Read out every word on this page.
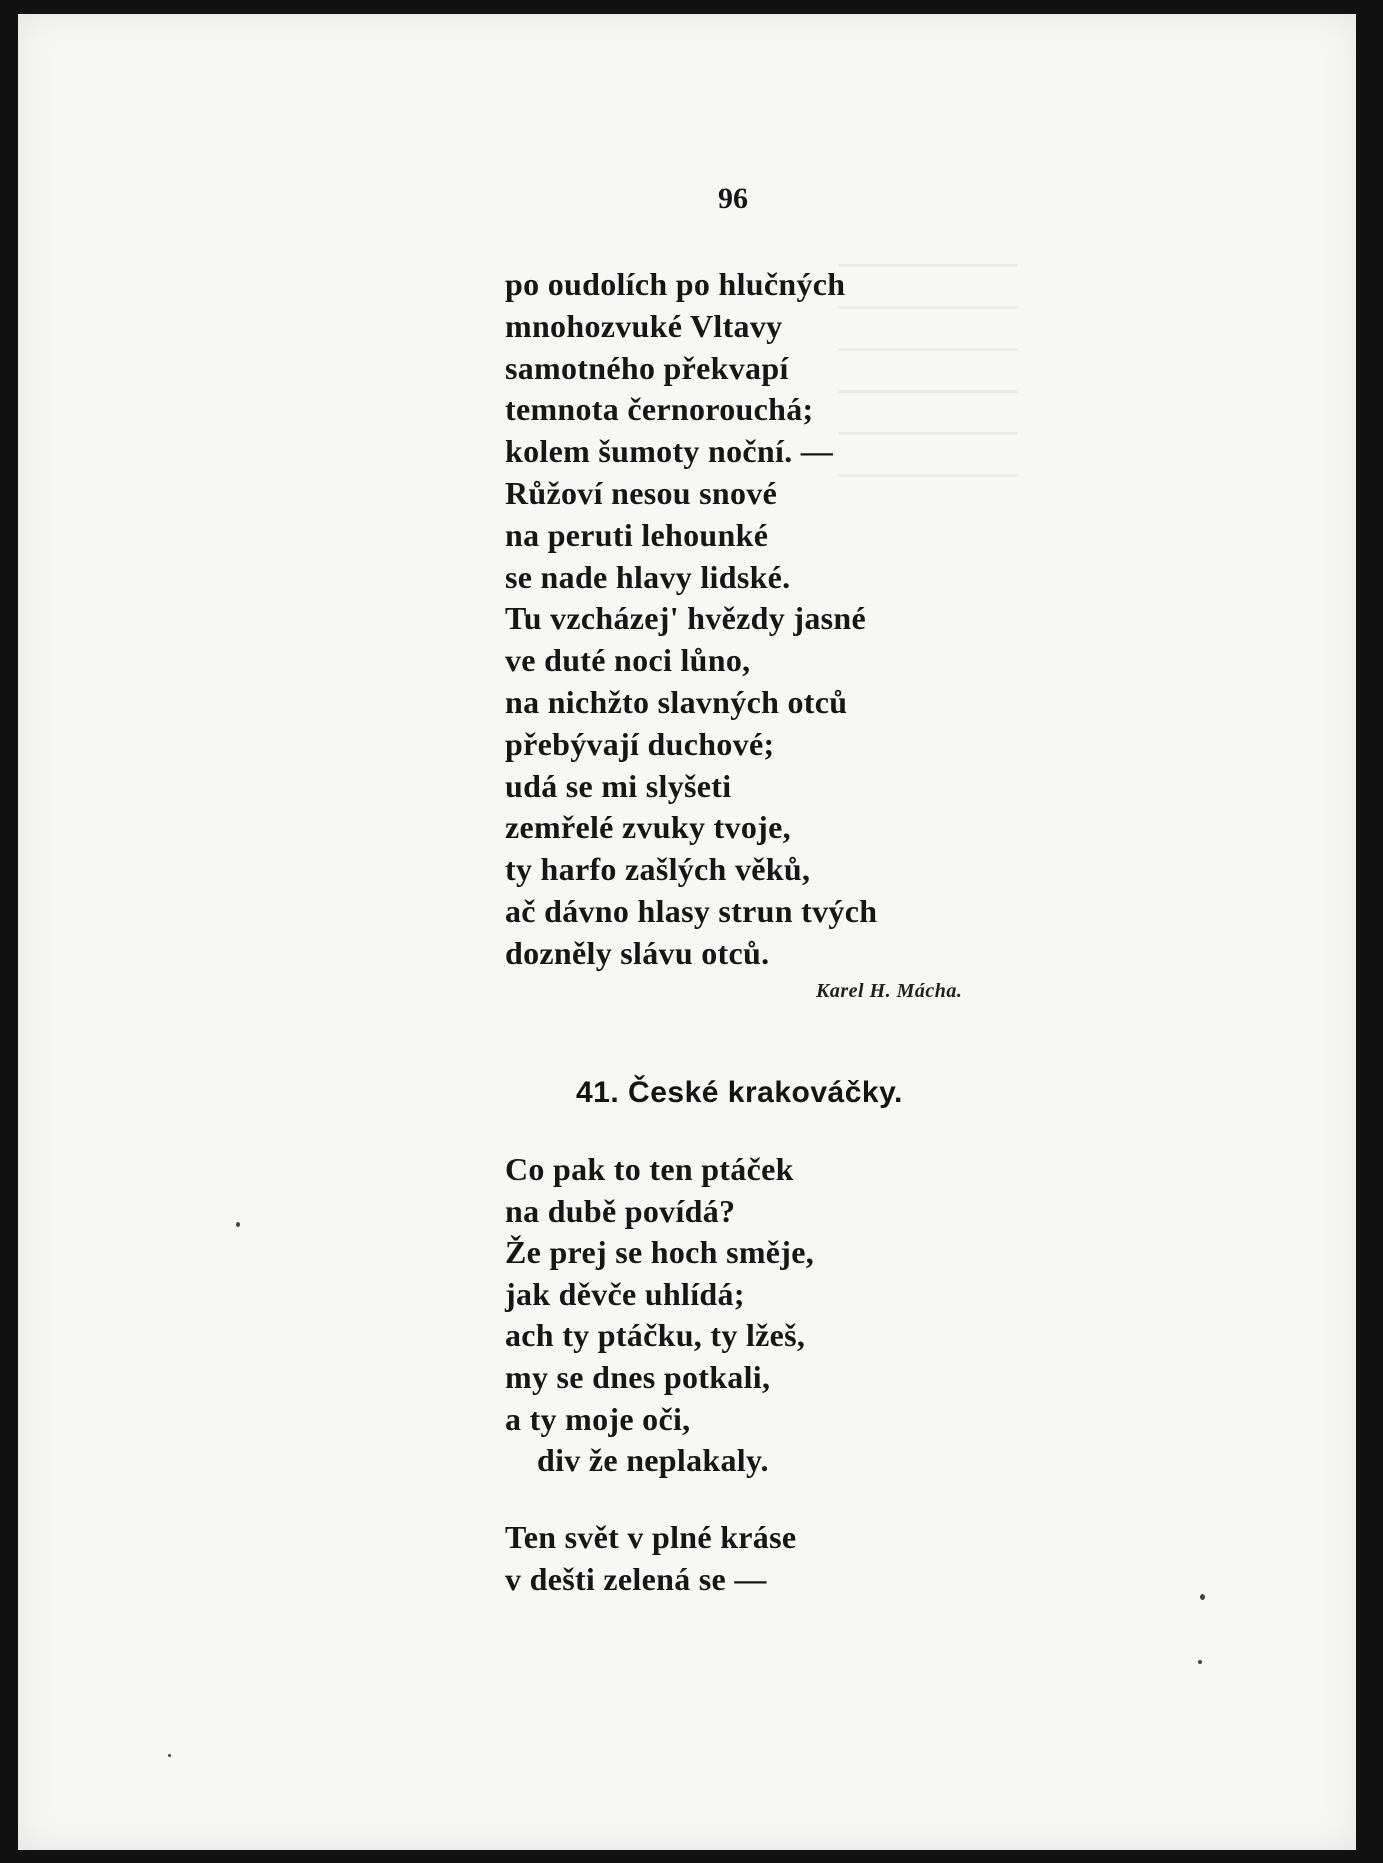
96
po oudolích po hlučných
mnohozvuké Vltavy
samotného překvapí
temnota černorouchá;
kolem šumoty noční. —
Růžoví nesou snové
na peruti lehounké
se nade hlavy lidské.
Tu vzcházej' hvězdy jasné
ve duté noci lůno,
na nichžto slavných otců
přebývají duchové;
udá se mi slyšeti
zemřelé zvuky tvoje,
ty harfo zašlých věků,
ač dávno hlasy strun tvých
dozněly slávu otců.
Karel H. Mácha.
41. České krakováčky.
Co pak to ten ptáček
na dubě povídá?
Že prej se hoch směje,
jak děvče uhlídá;
ach ty ptáčku, ty lžeš,
my se dnes potkali,
a ty moje oči,
div že neplakaly.
Ten svět v plné kráse
v dešti zelená se —
